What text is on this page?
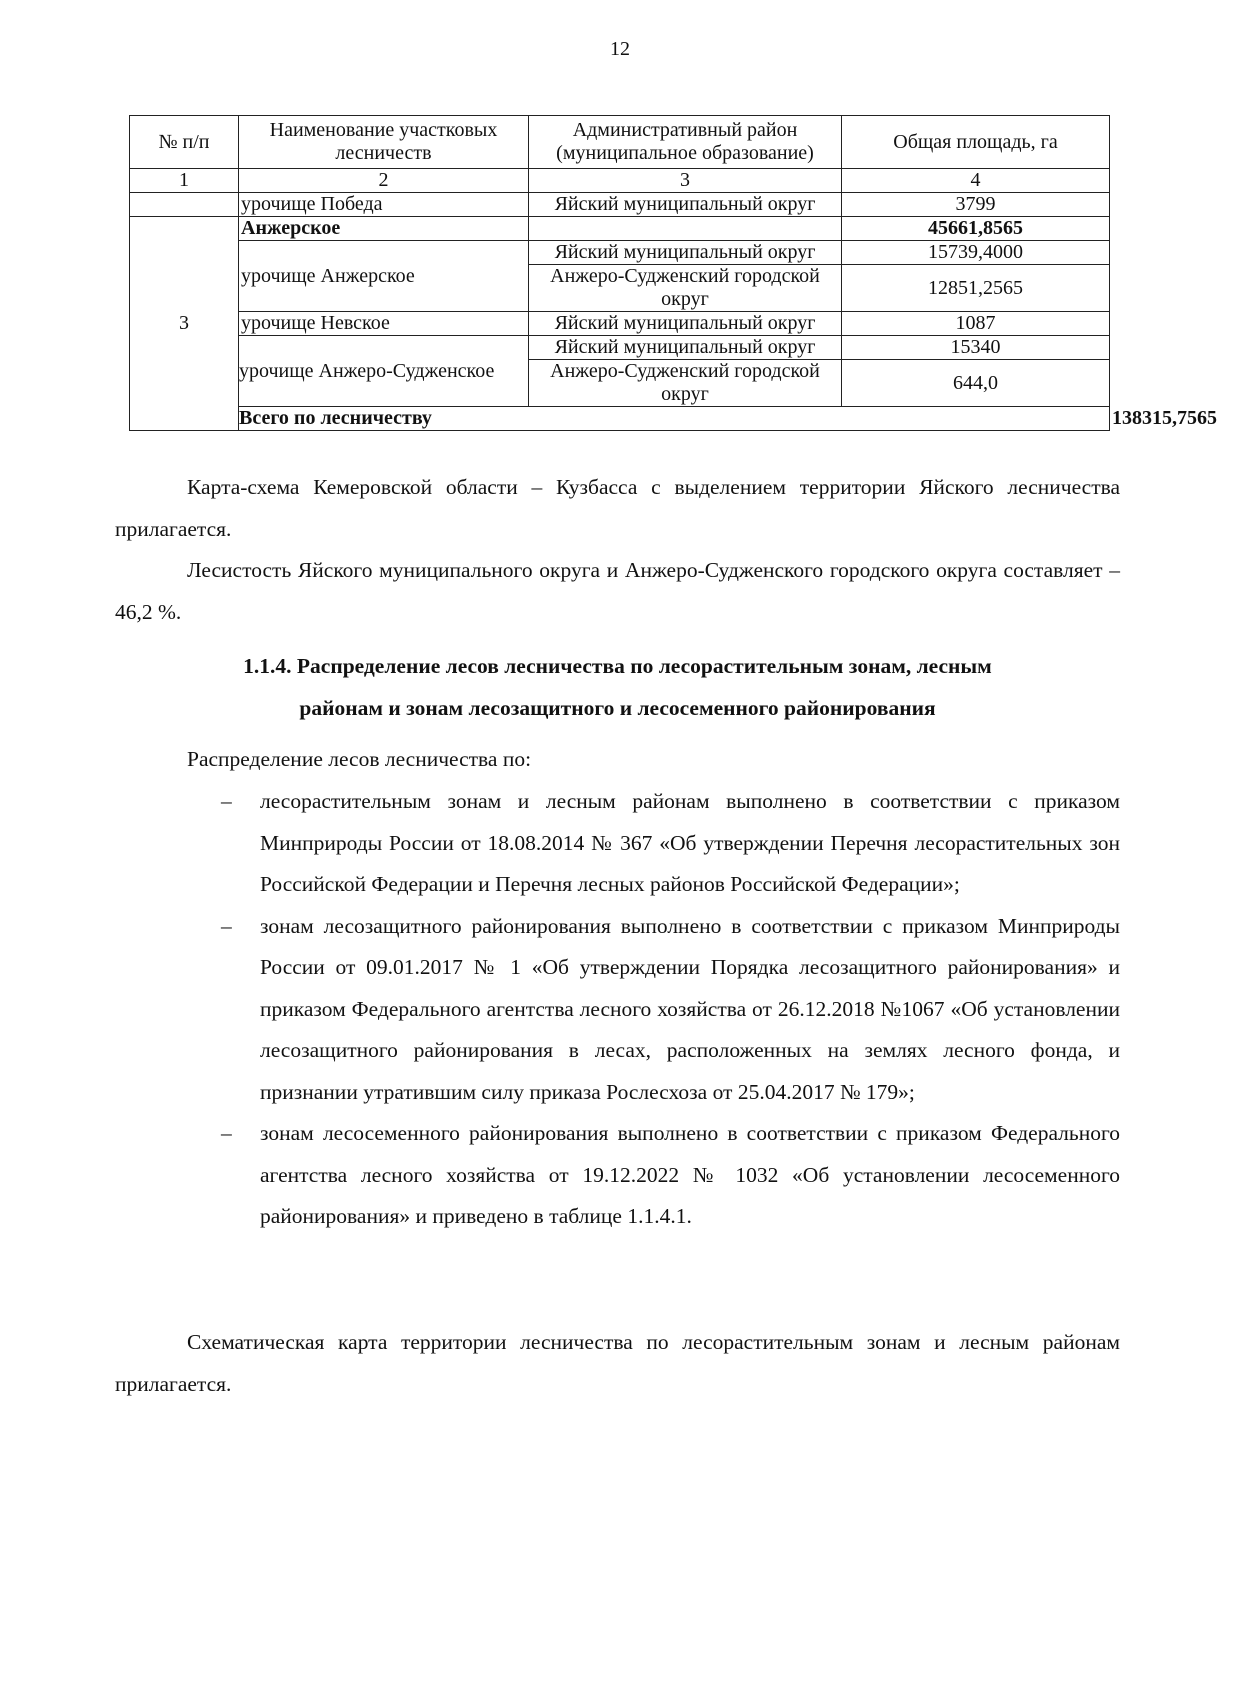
12
№ п/п	Наименование участковых лесничеств	Административный район (муниципальное образование)	Общая площадь, га	
1	2	3	4	
	урочище Победа	Яйский муниципальный округ	3799	
3	Анжерское		45661,8565	
	урочище Анжерское	Яйский муниципальный округ	15739,4000	
		Анжеро-Судженский городской округ	12851,2565	
	урочище Невское	Яйский муниципальный округ	1087	
	урочище Анжеро-Судженское	Яйский муниципальный округ	15340	
		Анжеро-Судженский городской округ	644,0	
	Всего по лесничеству			138315,7565

Карта-схема Кемеровской области – Кузбасса с выделением территории Яйского лесничества прилагается.

Лесистость Яйского муниципального округа и Анжеро-Судженского городского округа составляет – 46,2 %.

1.1.4. Распределение лесов лесничества по лесорастительным зонам, лесным
районам и зонам лесозащитного и лесосеменного районирования

Распределение лесов лесничества по:

– лесорастительным зонам и лесным районам выполнено в соответствии с приказом Минприроды России от 18.08.2014 № 367 «Об утверждении Перечня лесорастительных зон Российской Федерации и Перечня лесных районов Российской Федерации»;

– зонам лесозащитного районирования выполнено в соответствии с приказом Минприроды России от 09.01.2017 № 1 «Об утверждении Порядка лесозащитного районирования» и приказом Федерального агентства лесного хозяйства от 26.12.2018 №1067 «Об установлении лесозащитного районирования в лесах, расположенных на землях лесного фонда, и признании утратившим силу приказа Рослесхоза от 25.04.2017 № 179»;

– зонам лесосеменного районирования выполнено в соответствии с приказом Федерального агентства лесного хозяйства от 19.12.2022 № 1032 «Об установлении лесосеменного районирования» и приведено в таблице 1.1.4.1.

Схематическая карта территории лесничества по лесорастительным зонам и лесным районам прилагается.
